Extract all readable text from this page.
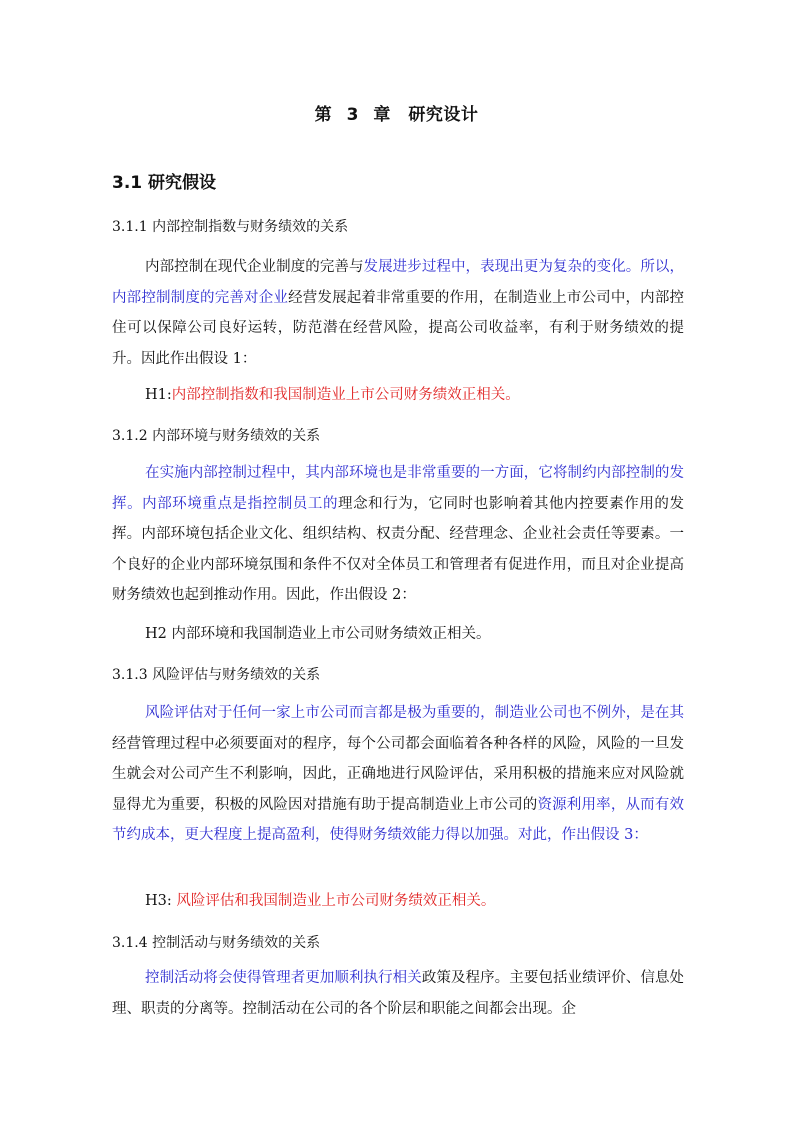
第 3 章　研究设计
3.1 研究假设
3.1.1 内部控制指数与财务绩效的关系

内部控制在现代企业制度的完善与发展进步过程中，表现出更为复杂的变化。所以，内部控制制度的完善对企业经营发展起着非常重要的作用，在制造业上市公司中，内部控住可以保障公司良好运转，防范潜在经营风险，提高公司收益率，有利于财务绩效的提升。因此作出假设 1：

H1:内部控制指数和我国制造业上市公司财务绩效正相关。
3.1.2 内部环境与财务绩效的关系

在实施内部控制过程中，其内部环境也是非常重要的一方面，它将制约内部控制的发挥。内部环境重点是指控制员工的理念和行为，它同时也影响着其他内控要素作用的发挥。内部环境包括企业文化、组织结构、权责分配、经营理念、企业社会责任等要素。一个良好的企业内部环境氛围和条件不仅对全体员工和管理者有促进作用，而且对企业提高财务绩效也起到推动作用。因此，作出假设 2：

H2 内部环境和我国制造业上市公司财务绩效正相关。
3.1.3 风险评估与财务绩效的关系

风险评估对于任何一家上市公司而言都是极为重要的，制造业公司也不例外，是在其经营管理过程中必须要面对的程序，每个公司都会面临着各种各样的风险，风险的一旦发生就会对公司产生不利影响，因此，正确地进行风险评估，采用积极的措施来应对风险就显得尤为重要，积极的风险因对措施有助于提高制造业上市公司的资源利用率，从而有效节约成本，更大程度上提高盈利，使得财务绩效能力得以加强。对此，作出假设 3：

H3: 风险评估和我国制造业上市公司财务绩效正相关。
3.1.4 控制活动与财务绩效的关系

控制活动将会使得管理者更加顺利执行相关政策及程序。主要包括业绩评价、信息处理、职责的分离等。控制活动在公司的各个阶层和职能之间都会出现。企
